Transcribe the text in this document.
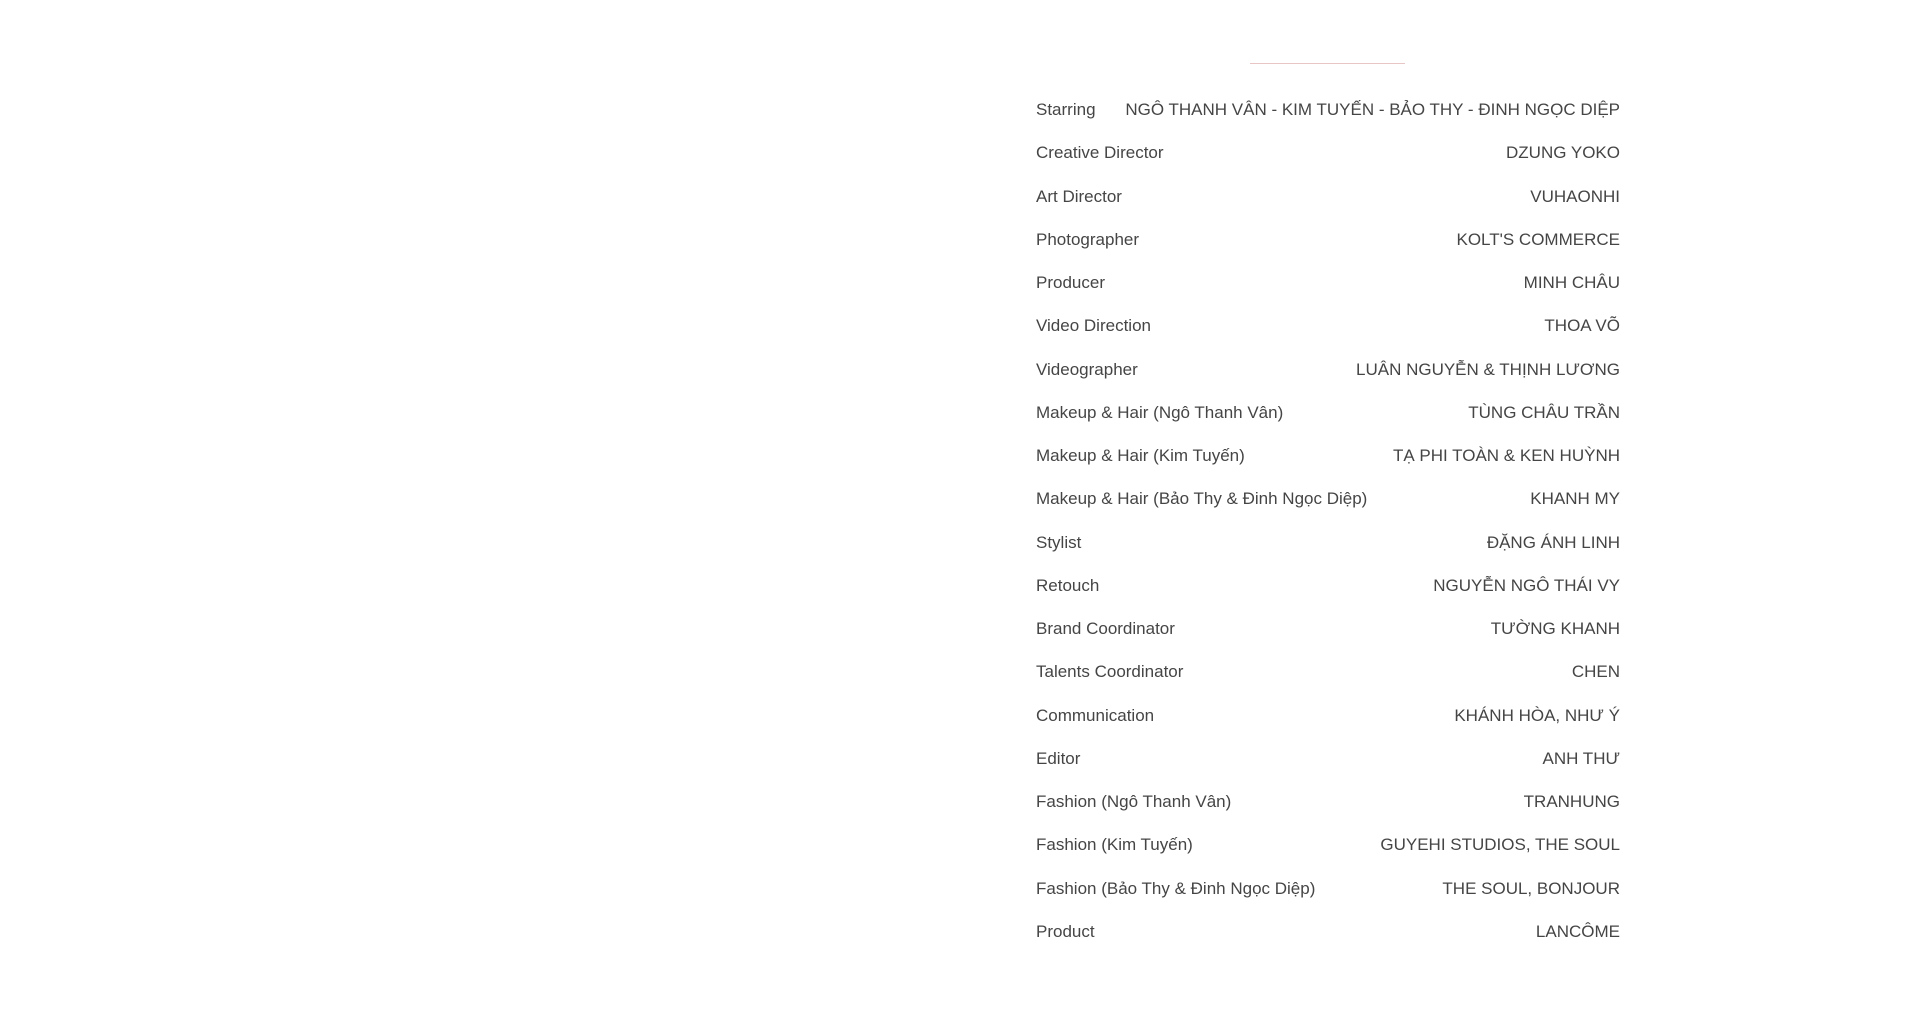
Starring NGÔ THANH VÂN - KIM TUYẾN - BẢO THY - ĐINH NGỌC DIỆP
Creative Director	DZUNG YOKO
Art Director	VUHAONHI
Photographer	KOLT'S COMMERCE
Producer	MINH CHÂU
Video Direction	THOA VÕ
Videographer	LUÂN NGUYỄN & THỊNH LƯƠNG
Makeup & Hair (Ngô Thanh Vân)	TÙNG CHÂU TRẦN
Makeup & Hair (Kim Tuyến)	TẠ PHI TOÀN & KEN HUỲNH
Makeup & Hair (Bảo Thy & Đinh Ngọc Diệp)	KHANH MY
Stylist	ĐẶNG ÁNH LINH
Retouch	NGUYỄN NGÔ THÁI VY
Brand Coordinator	TƯỜNG KHANH
Talents Coordinator	CHEN
Communication	KHÁNH HÒA, NHƯ Ý
Editor	ANH THƯ
Fashion (Ngô Thanh Vân)	TRANHUNG
Fashion (Kim Tuyến)	GUYEHI STUDIOS, THE SOUL
Fashion (Bảo Thy & Đinh Ngọc Diệp)	THE SOUL, BONJOUR
Product	LANCÔME
